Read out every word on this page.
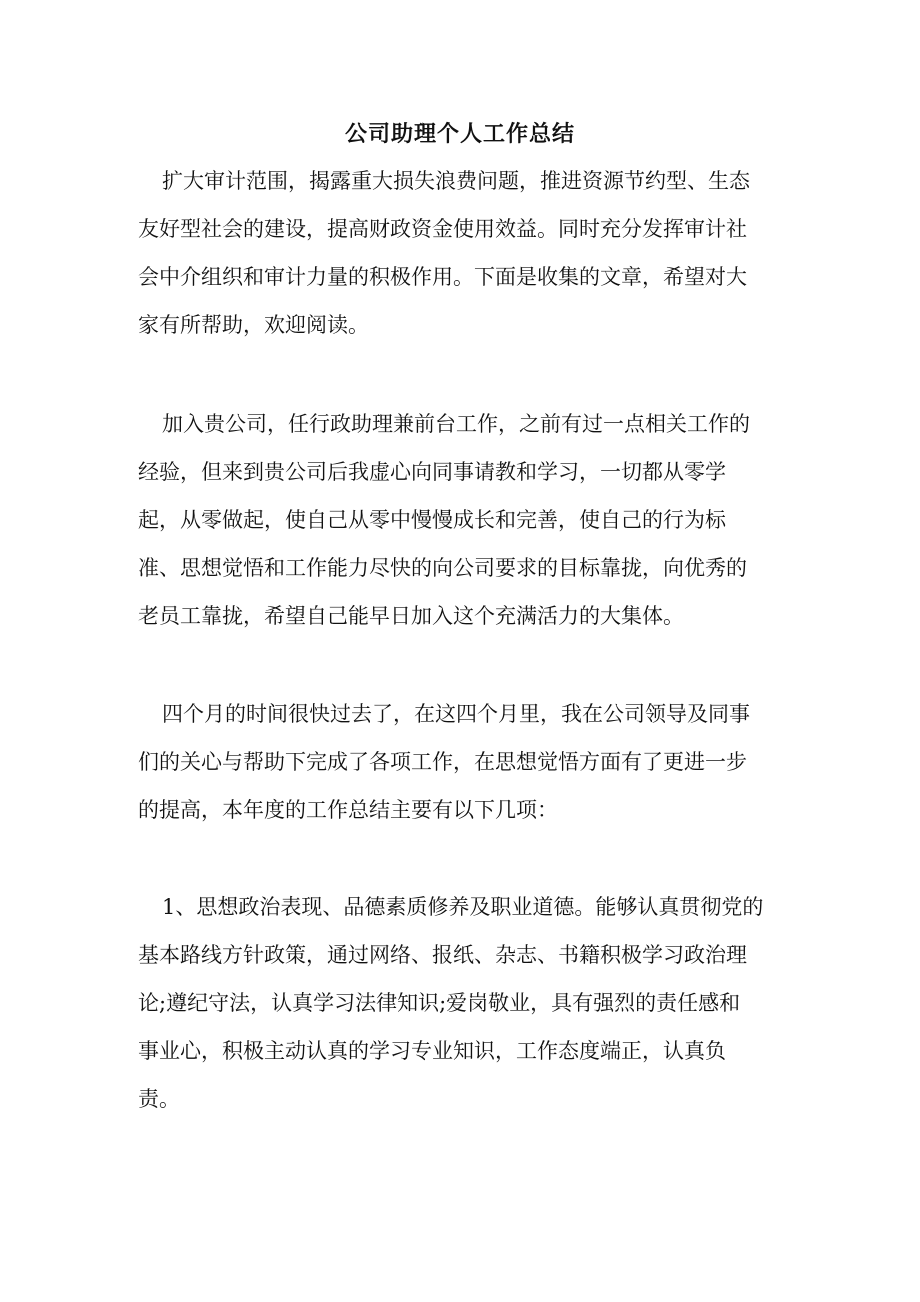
公司助理个人工作总结
扩大审计范围，揭露重大损失浪费问题，推进资源节约型、生态
友好型社会的建设，提高财政资金使用效益。同时充分发挥审计社
会中介组织和审计力量的积极作用。下面是收集的文章，希望对大
家有所帮助，欢迎阅读。
加入贵公司，任行政助理兼前台工作，之前有过一点相关工作的
经验，但来到贵公司后我虚心向同事请教和学习，一切都从零学
起，从零做起，使自己从零中慢慢成长和完善，使自己的行为标
准、思想觉悟和工作能力尽快的向公司要求的目标靠拢，向优秀的
老员工靠拢，希望自己能早日加入这个充满活力的大集体。
四个月的时间很快过去了，在这四个月里，我在公司领导及同事
们的关心与帮助下完成了各项工作，在思想觉悟方面有了更进一步
的提高，本年度的工作总结主要有以下几项：
1、思想政治表现、品德素质修养及职业道德。能够认真贯彻党的
基本路线方针政策，通过网络、报纸、杂志、书籍积极学习政治理
论;遵纪守法，认真学习法律知识;爱岗敬业，具有强烈的责任感和
事业心，积极主动认真的学习专业知识，工作态度端正，认真负
责。
